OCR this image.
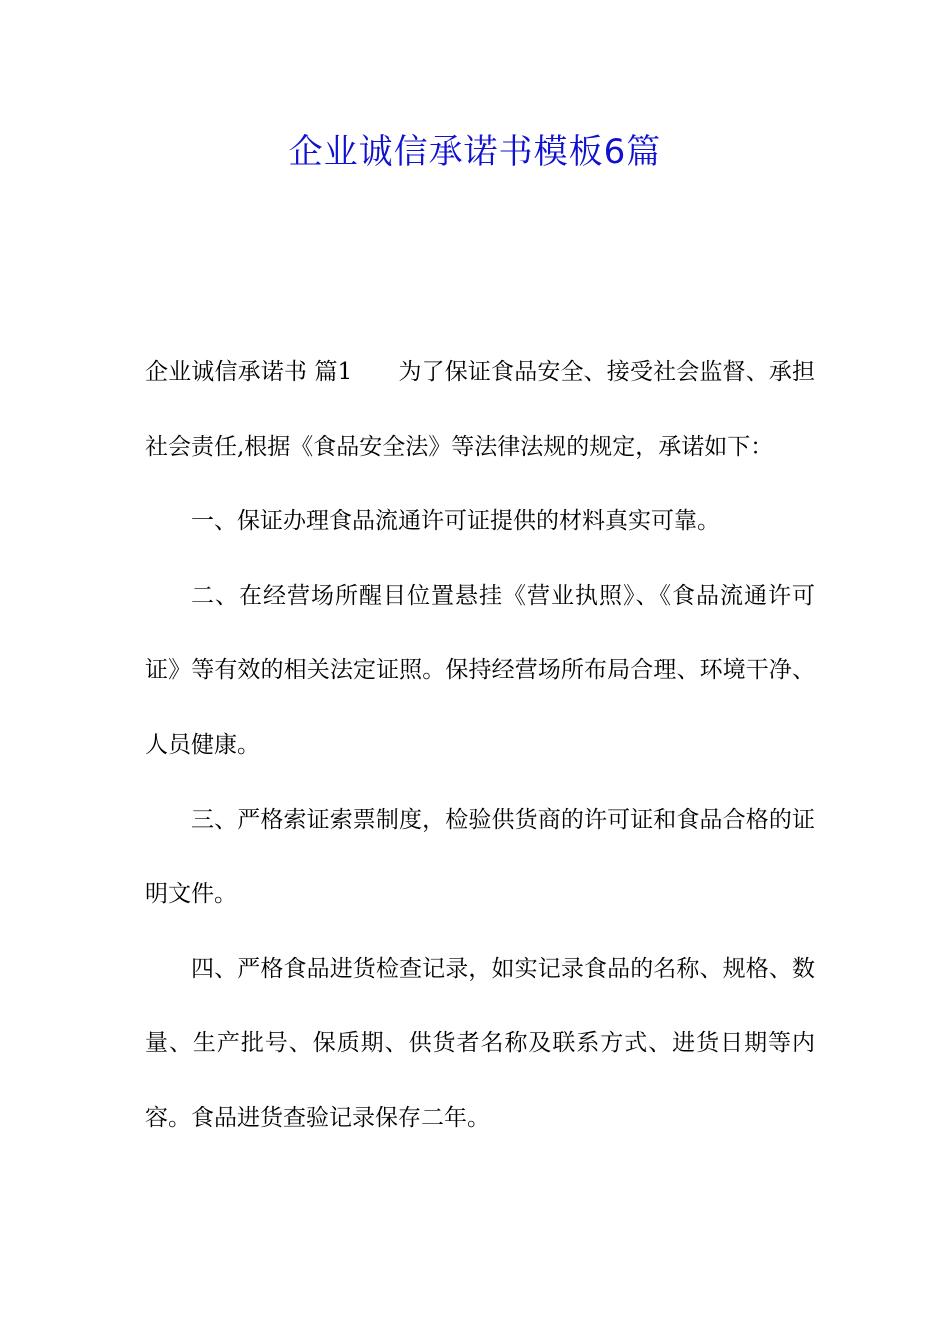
企业诚信承诺书模板6篇

企业诚信承诺书 篇1 为了保证食品安全、接受社会监督、承担社会责任,根据《食品安全法》等法律法规的规定，承诺如下：

一、保证办理食品流通许可证提供的材料真实可靠。

二、在经营场所醒目位置悬挂《营业执照》、《食品流通许可证》等有效的相关法定证照。保持经营场所布局合理、环境干净、人员健康。

三、严格索证索票制度，检验供货商的许可证和食品合格的证明文件。

四、严格食品进货检查记录，如实记录食品的名称、规格、数量、生产批号、保质期、供货者名称及联系方式、进货日期等内容。食品进货查验记录保存二年。
